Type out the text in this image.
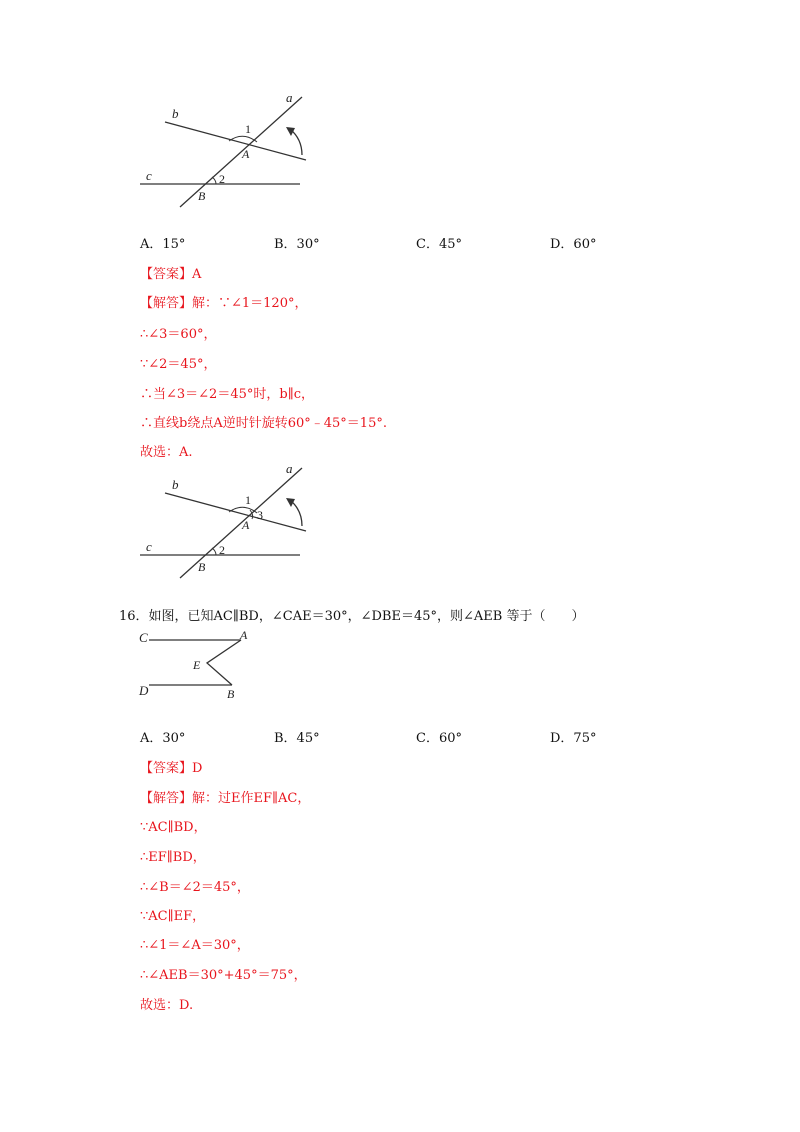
a
b
c
A
B
1
2
A．15°	B．30°	C．45°	D．60°
【答案】A
【解答】解：∵∠1＝120°，
∴∠3＝60°，
∵∠2＝45°，
∴当∠3＝∠2＝45°时，b∥c，
∴直线b绕点A逆时针旋转60°﹣45°＝15°.
故选：A.
a
b
c
A
B
1
3
2
16．如图，已知AC∥BD，∠CAE＝30°，∠DBE＝45°，则∠AEB 等于（　　）
C	A
E
D	B
A．30°	B．45°	C．60°	D．75°
【答案】D
【解答】解：过E作EF∥AC，
∵AC∥BD，
∴EF∥BD，
∴∠B＝∠2＝45°，
∵AC∥EF，
∴∠1＝∠A＝30°，
∴∠AEB＝30°+45°＝75°，
故选：D.
